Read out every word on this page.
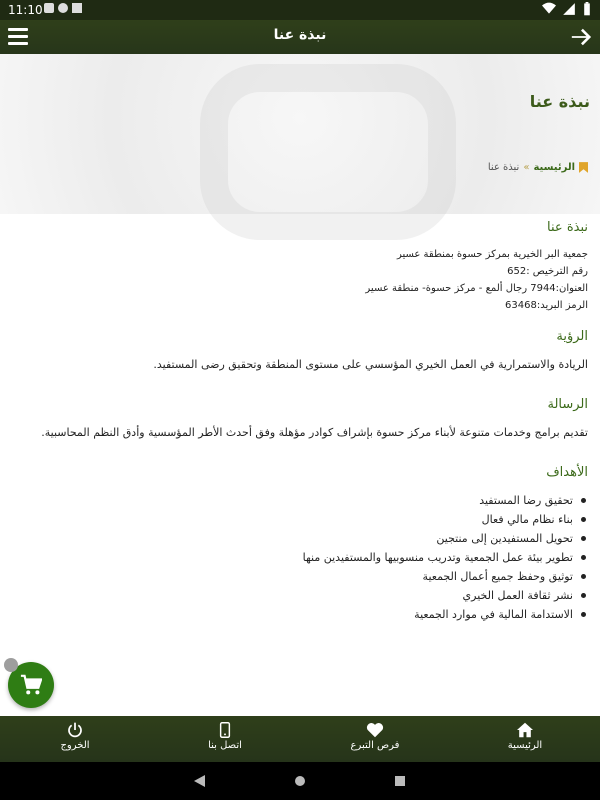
11:10
نبذة عنا
نبذة عنا
الرئيسية
»
نبذة عنا
نبذة عنا

جمعية البر الخيرية بمركز حسوة بمنطقة عسير

رقم الترخيص :652

العنوان:7944 رجال ألمع - مركز حسوة- منطقة عسير

الرمز البريد:63468

الرؤية

الريادة والاستمرارية في العمل الخيري المؤسسي على مستوى المنطقة وتحقيق رضى المستفيد.

الرسالة

تقديم برامج وخدمات متنوعة لأبناء مركز حسوة بإشراف كوادر مؤهلة وفق أحدث الأطر المؤسسية وأدق النظم المحاسبية.

الأهداف
تحقيق رضا المستفيد
بناء نظام مالي فعال
تحويل المستفيدين إلى منتجين
تطوير بيئة عمل الجمعية وتدريب منسوبيها والمستفيدين منها
توثيق وحفظ جميع أعمال الجمعية
نشر ثقافة العمل الخيري
الاستدامة المالية في موارد الجمعية
الرئيسية
فرص التبرع
اتصل بنا
الخروج
